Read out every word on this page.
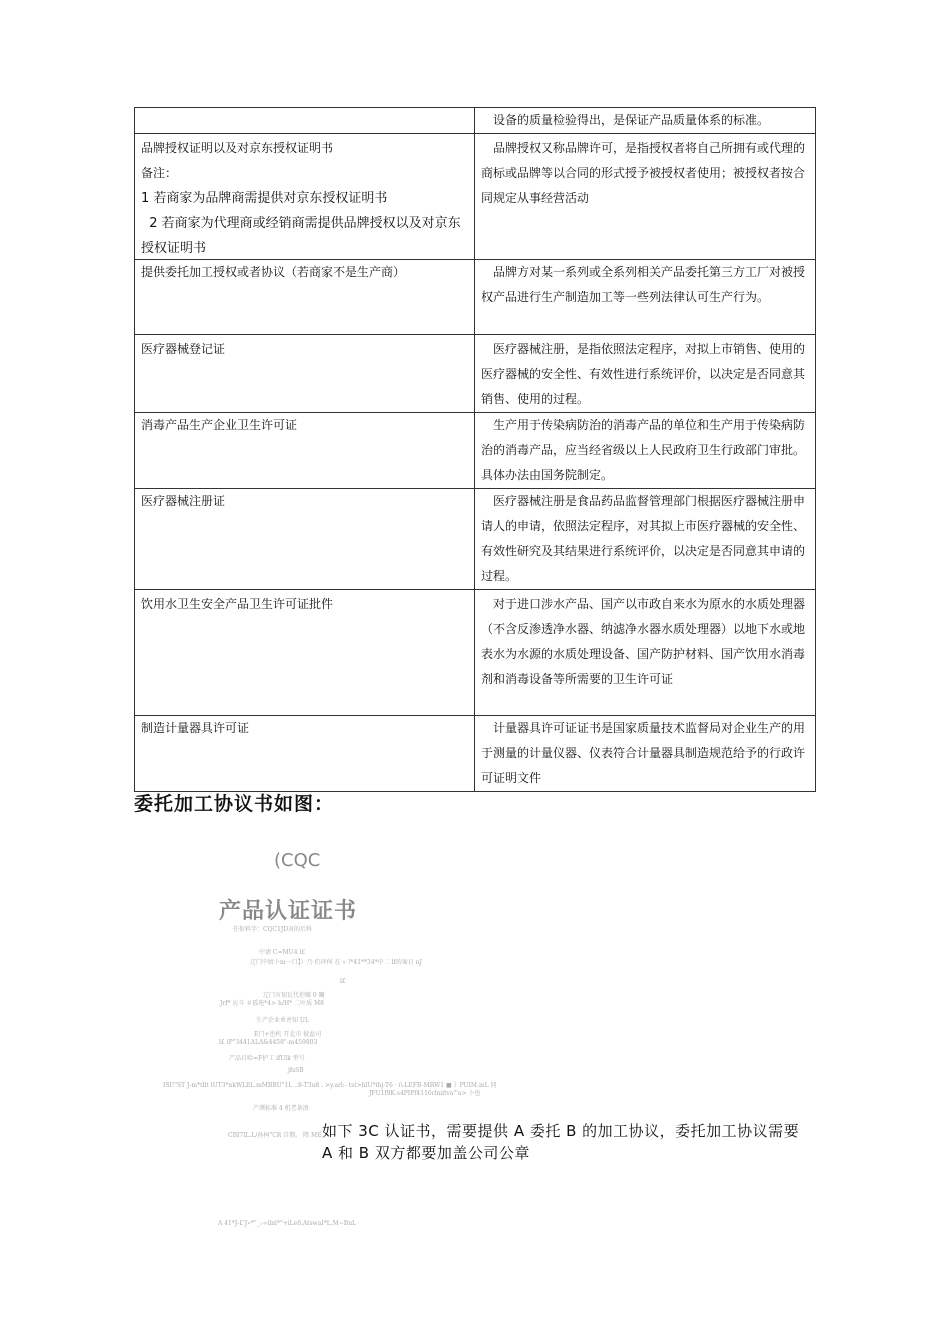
	设备的质量检验得出，是保证产品质量体系的标准。

品牌授权证明以及对京东授权证明书
备注：
1 若商家为品牌商需提供对京东授权证明书
2 若商家为代理商或经销商需提供品牌授权以及对京东授权证明书	品牌授权又称品牌许可，是指授权者将自己所拥有或代理的商标或品牌等以合同的形式授予被授权者使用；被授权者按合同规定从事经营活动
提供委托加工授权或者协议（若商家不是生产商）	品牌方对某一系列或全系列相关产品委托第三方工厂对被授权产品进行生产制造加工等一些列法律认可生产行为。
医疗器械登记证	医疗器械注册，是指依照法定程序，对拟上市销售、使用的医疗器械的安全性、有效性进行系统评价，以决定是否同意其销售、使用的过程。
消毒产品生产企业卫生许可证	生产用于传染病防治的消毒产品的单位和生产用于传染病防治的消毒产品，应当经省级以上人民政府卫生行政部门审批。具体办法由国务院制定。
医疗器械注册证	医疗器械注册是食品药品监督管理部门根据医疗器械注册申请人的申请，依照法定程序，对其拟上市医疗器械的安全性、有效性研究及其结果进行系统评价，以决定是否同意其申请的过程。
饮用水卫生安全产品卫生许可证批件	对于进口涉水产品、国产以市政自来水为原水的水质处理器（不含反渗透净水器、纳滤净水器水质处理器）以地下水或地表水为水源的水质处理设备、国产防护材料、国产饮用水消毒剂和消毒设备等所需要的卫生许可证
制造计量器具许可证	计量器具许可证证书是国家质量技术监督局对企业生产的用于测量的计量仪器、仪表符合计量器具制造规范给予的行政许可证明文件
委托加工协议书如图：
(CQC
产品认证证书
任衔料字：CQC1JD对的后科
中请 C=MU4 l£
辽门中厨卜m一口】）乃 们冲何 在 » !*41**34*中二 lf的匍日 nJ
l£
辽门市韧瓦代坦嘘 0 豳
Jrf* 应斗 ＃孤电*4> h/H* 二叶质 M8
生产企业单并知 UL
E门+也机 开北市 彼益司
l£ iP"3441ALA&4458"-m459803
产品目哈=F护工 ifUlk 型号
jfsSB
ISI!"ST J-m*tllt lUT3*nkWLfiL.mMBBU"1L ..8-T3u8 . >y.arl:- tst>hlU*ihj-T6 · i\-LEFB-MRW1 ■ ｝PUIM.mL 同
JFU1f9K.s4PIPf4116rlmltva"'a> 卜也
产潭标准 4 机老条浪
CBI7IL.L/孙柯"CR 自期。 隋 ME 如下 3C 认证书，需要提供 A 委托 B 的加工协议，委托加工协议需要 A 和 B 双方都要加盖公司公章
A 41*J-£'J»*"_:-»ilnl*"+iLe6.AtswaI*L.M~BnL
